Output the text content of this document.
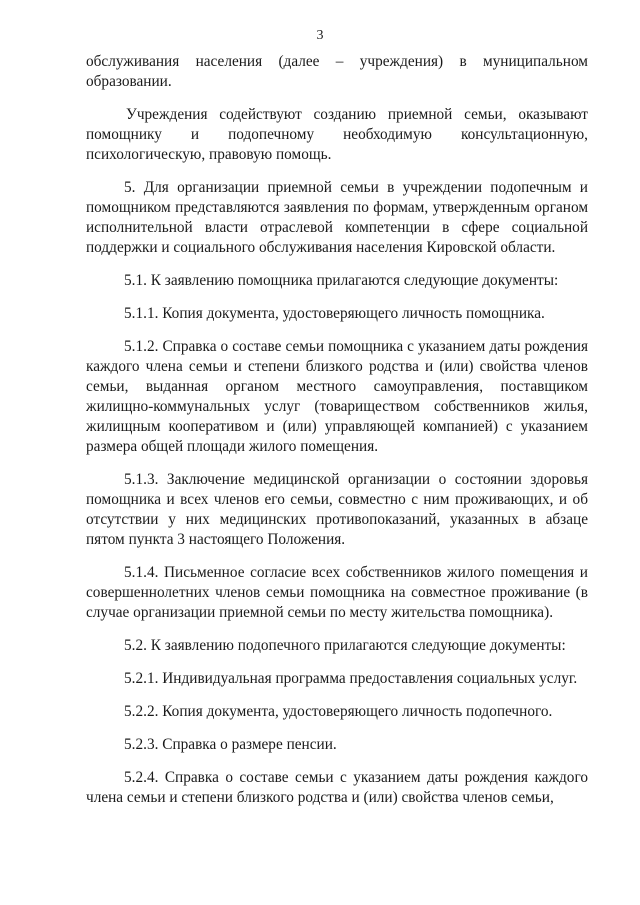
3

обслуживания населения (далее – учреждения) в муниципальном образовании.

Учреждения содействуют созданию приемной семьи, оказывают помощнику и подопечному необходимую консультационную, психологическую, правовую помощь.

5. Для организации приемной семьи в учреждении подопечным и помощником представляются заявления по формам, утвержденным органом исполнительной власти отраслевой компетенции в сфере социальной поддержки и социального обслуживания населения Кировской области.

5.1. К заявлению помощника прилагаются следующие документы:

5.1.1. Копия документа, удостоверяющего личность помощника.

5.1.2. Справка о составе семьи помощника с указанием даты рождения каждого члена семьи и степени близкого родства и (или) свойства членов семьи, выданная органом местного самоуправления, поставщиком жилищно-коммунальных услуг (товариществом собственников жилья, жилищным кооперативом и (или) управляющей компанией) с указанием размера общей площади жилого помещения.

5.1.3. Заключение медицинской организации о состоянии здоровья помощника и всех членов его семьи, совместно с ним проживающих, и об отсутствии у них медицинских противопоказаний, указанных в абзаце пятом пункта 3 настоящего Положения.

5.1.4. Письменное согласие всех собственников жилого помещения и совершеннолетних членов семьи помощника на совместное проживание (в случае организации приемной семьи по месту жительства помощника).

5.2. К заявлению подопечного прилагаются следующие документы:

5.2.1. Индивидуальная программа предоставления социальных услуг.

5.2.2. Копия документа, удостоверяющего личность подопечного.

5.2.3. Справка о размере пенсии.

5.2.4. Справка о составе семьи с указанием даты рождения каждого члена семьи и степени близкого родства и (или) свойства членов семьи,
